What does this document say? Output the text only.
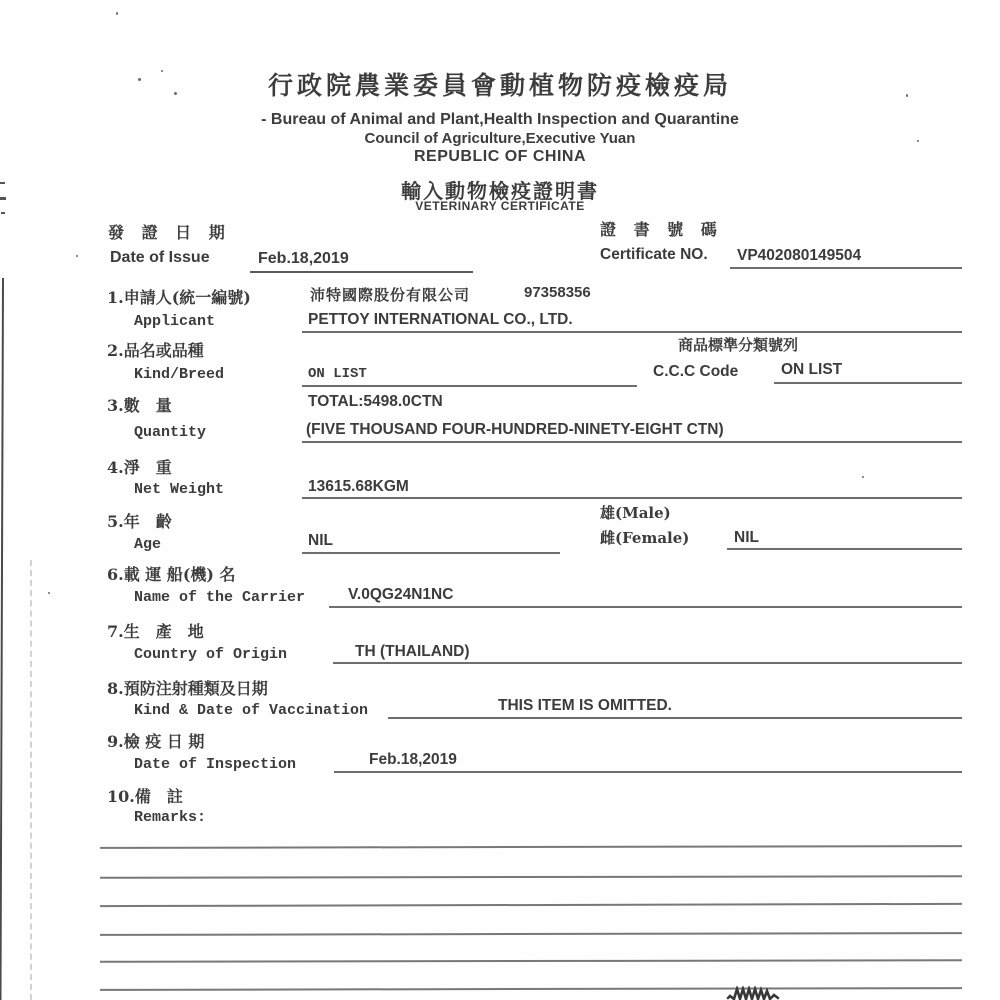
行政院農業委員會動植物防疫檢疫局
- Bureau of Animal and Plant,Health Inspection and Quarantine
Council of Agriculture,Executive Yuan
REPUBLIC OF CHINA
輸入動物檢疫證明書
VETERINARY CERTIFICATE
發 證 日 期
Date of Issue	Feb.18,2019
證 書 號 碼
Certificate NO. VP402080149504
1.申請人(統一編號)	沛特國際股份有限公司	97358356
Applicant	PETTOY INTERNATIONAL CO., LTD.
2.品名或品種	商品標準分類號列
Kind/Breed	ON LIST	C.C.C Code	ON LIST
3.數　量	TOTAL:5498.0CTN
Quantity	(FIVE THOUSAND FOUR-HUNDRED-NINETY-EIGHT CTN)
4.淨　重
Net Weight	13615.68KGM
5.年　齡	雄(Male)
Age	NIL	雌(Female)	NIL
6.載 運 船(機) 名
Name of the Carrier	V.0QG24N1NC
7.生　產　地
Country of Origin	TH (THAILAND)
8.預防注射種類及日期
Kind & Date of Vaccination	THIS ITEM IS OMITTED.
9.檢 疫 日 期
Date of Inspection	Feb.18,2019
10.備　註
Remarks:
